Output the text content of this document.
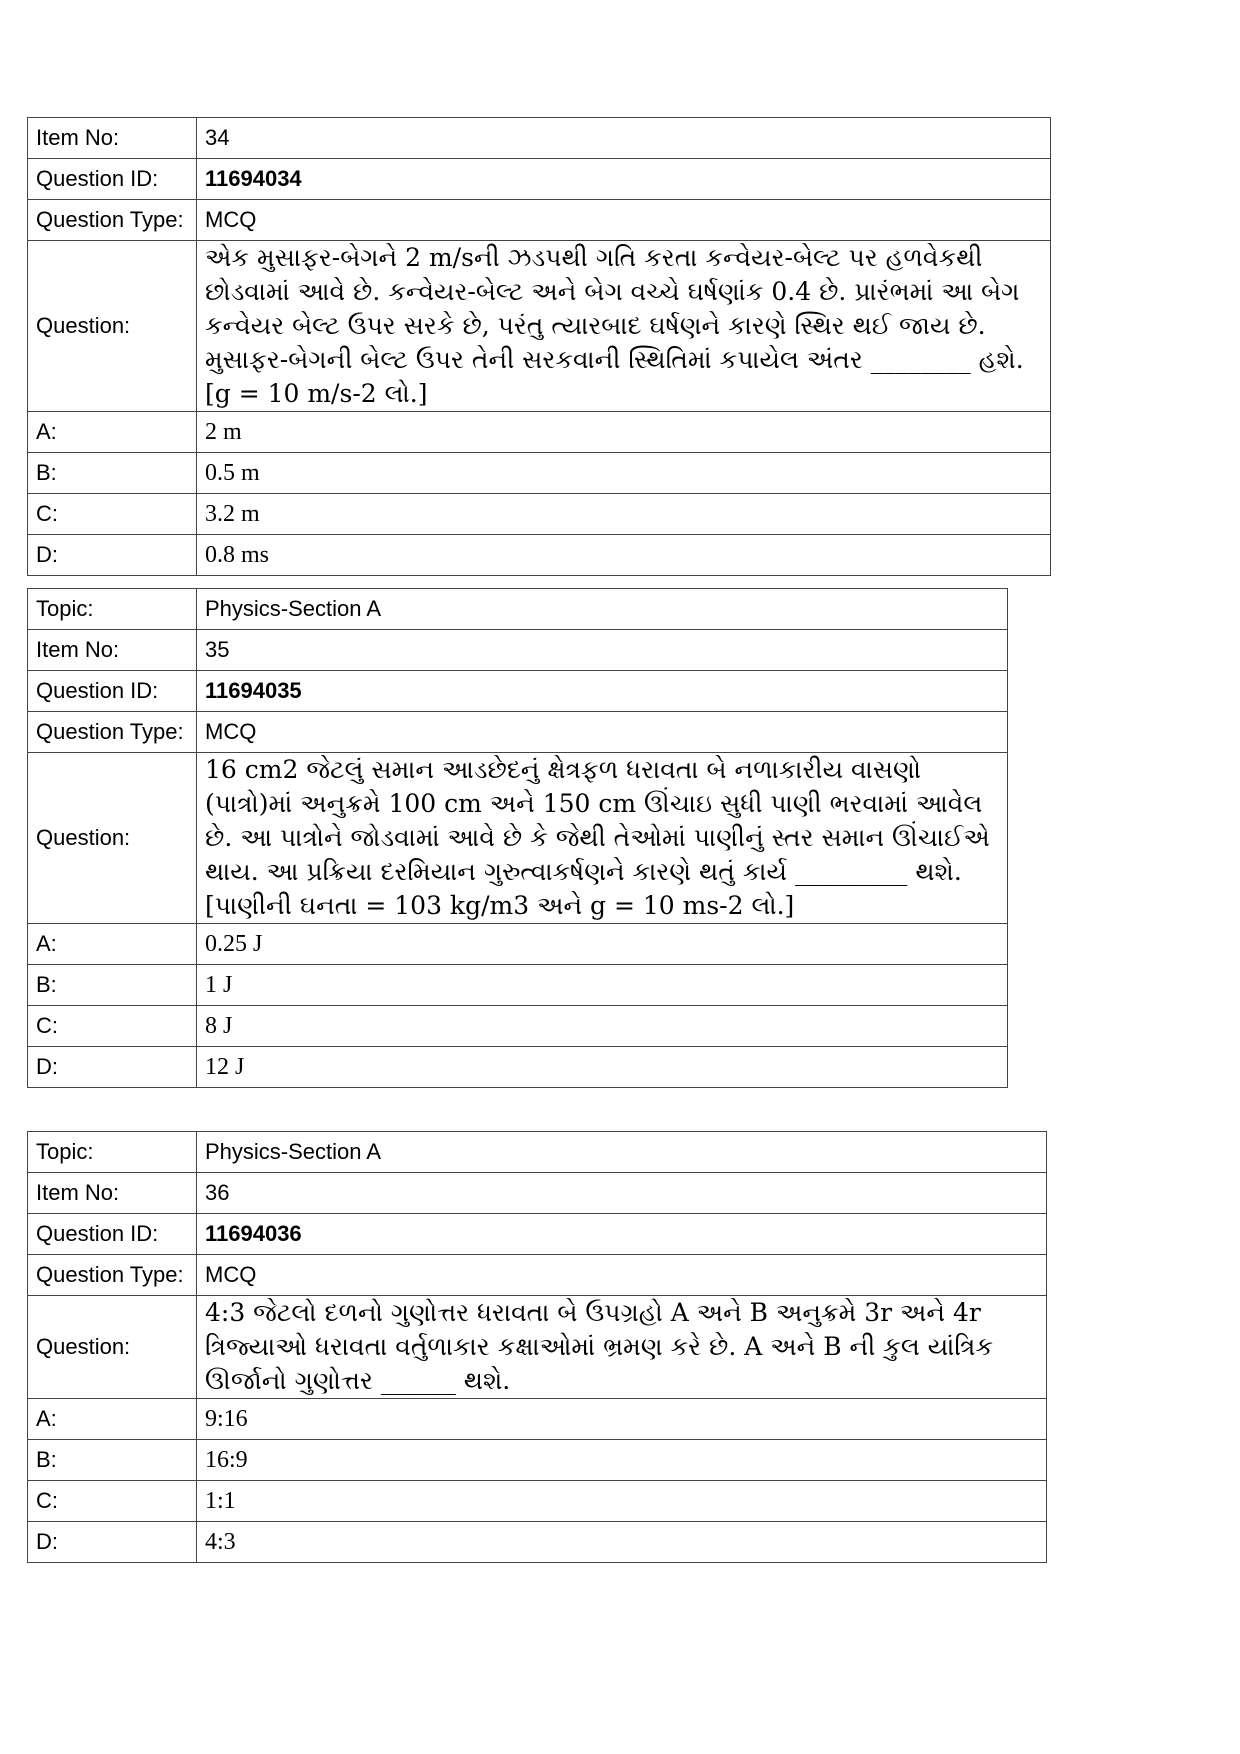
Item No:	34
Question ID:	11694034
Question Type:	MCQ
Question:	એક મુસાફર-બેગને 2 m/sની ઝડપથી ગતિ કરતા કન્વેયર-બેલ્ટ પર હળવેકથી છોડવામાં આવે છે. કન્વેયર-બેલ્ટ અને બેગ વચ્ચે ઘર્ષણાંક 0.4 છે. પ્રારંભમાં આ બેગ કન્વેયર બેલ્ટ ઉપર સરકે છે, પરંતુ ત્યારબાદ ઘર્ષણને કારણે સ્થિર થઈ જાય છે. મુસાફર-બેગની બેલ્ટ ઉપર તેની સરકવાની સ્થિતિમાં કપાયેલ અંતર ________ હશે. [g = 10 m/s-2 લો.]
A:	2 m
B:	0.5 m
C:	3.2 m
D:	0.8 ms
Topic:	Physics-Section A
Item No:	35
Question ID:	11694035
Question Type:	MCQ
Question:	16 cm2 જેટલું સમાન આડછેદનું ક્ષેત્રફળ ધરાવતા બે નળાકારીય વાસણો (પાત્રો)માં અનુક્રમે 100 cm અને 150 cm ઊંચાઇ સુધી પાણી ભરવામાં આવેલ છે. આ પાત્રોને જોડવામાં આવે છે કે જેથી તેઓમાં પાણીનું સ્તર સમાન ઊંચાઈએ થાય. આ પ્રક્રિયા દરમિયાન ગુરુત્વાકર્ષણને કારણે થતું કાર્ય _________ થશે.
[પાણીની ઘનતા = 103 kg/m3 અને g = 10 ms-2 લો.]

A:	0.25 J
B:	1 J
C:	8 J
D:	12 J
Topic:	Physics-Section A
Item No:	36
Question ID:	11694036
Question Type:	MCQ
Question:	4:3 જેટલો દળનો ગુણોત્તર ધરાવતા બે ઉપગ્રહો A અને B અનુક્રમે 3r અને 4r ત્રિજ્યાઓ ધરાવતા વર્તુળાકાર કક્ષાઓમાં ભ્રમણ કરે છે. A અને B ની કુલ યાંત્રિક ઊર્જાનો ગુણોત્તર ______ થશે.
A:	9:16
B:	16:9
C:	1:1
D:	4:3
